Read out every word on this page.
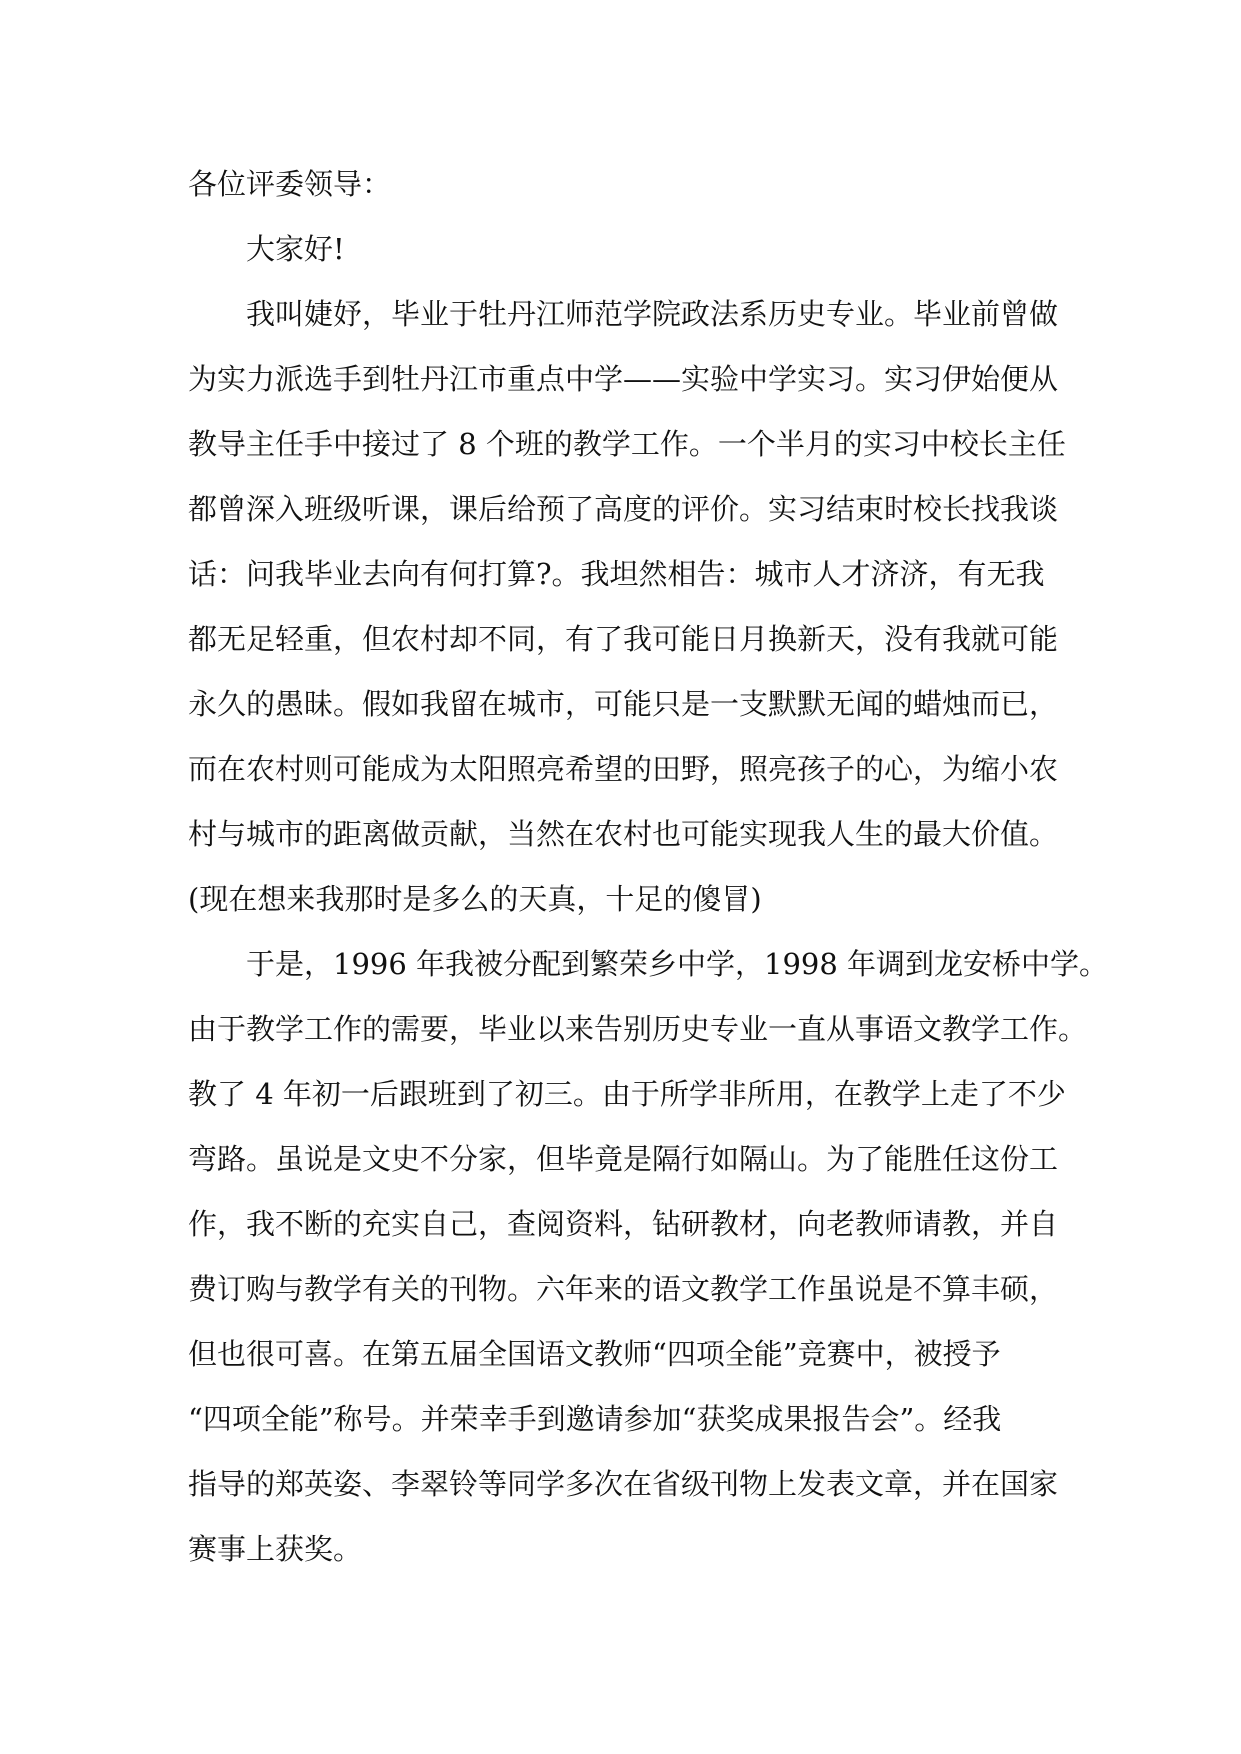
各位评委领导：

大家好!

我叫婕妤，毕业于牡丹江师范学院政法系历史专业。毕业前曾做

为实力派选手到牡丹江市重点中学——实验中学实习。实习伊始便从

教导主任手中接过了 8 个班的教学工作。一个半月的实习中校长主任

都曾深入班级听课，课后给预了高度的评价。实习结束时校长找我谈

话：问我毕业去向有何打算?。我坦然相告：城市人才济济，有无我

都无足轻重，但农村却不同，有了我可能日月换新天，没有我就可能

永久的愚昧。假如我留在城市，可能只是一支默默无闻的蜡烛而已，

而在农村则可能成为太阳照亮希望的田野，照亮孩子的心，为缩小农

村与城市的距离做贡献，当然在农村也可能实现我人生的最大价值。

(现在想来我那时是多么的天真，十足的傻冒)

于是，1996 年我被分配到繁荣乡中学，1998 年调到龙安桥中学。

由于教学工作的需要，毕业以来告别历史专业一直从事语文教学工作。

教了 4 年初一后跟班到了初三。由于所学非所用，在教学上走了不少

弯路。虽说是文史不分家，但毕竟是隔行如隔山。为了能胜任这份工

作，我不断的充实自己，查阅资料，钻研教材，向老教师请教，并自

费订购与教学有关的刊物。六年来的语文教学工作虽说是不算丰硕，

但也很可喜。在第五届全国语文教师“四项全能”竞赛中，被授予

“四项全能”称号。并荣幸手到邀请参加“获奖成果报告会”。经我

指导的郑英姿、李翠铃等同学多次在省级刊物上发表文章，并在国家

赛事上获奖。
